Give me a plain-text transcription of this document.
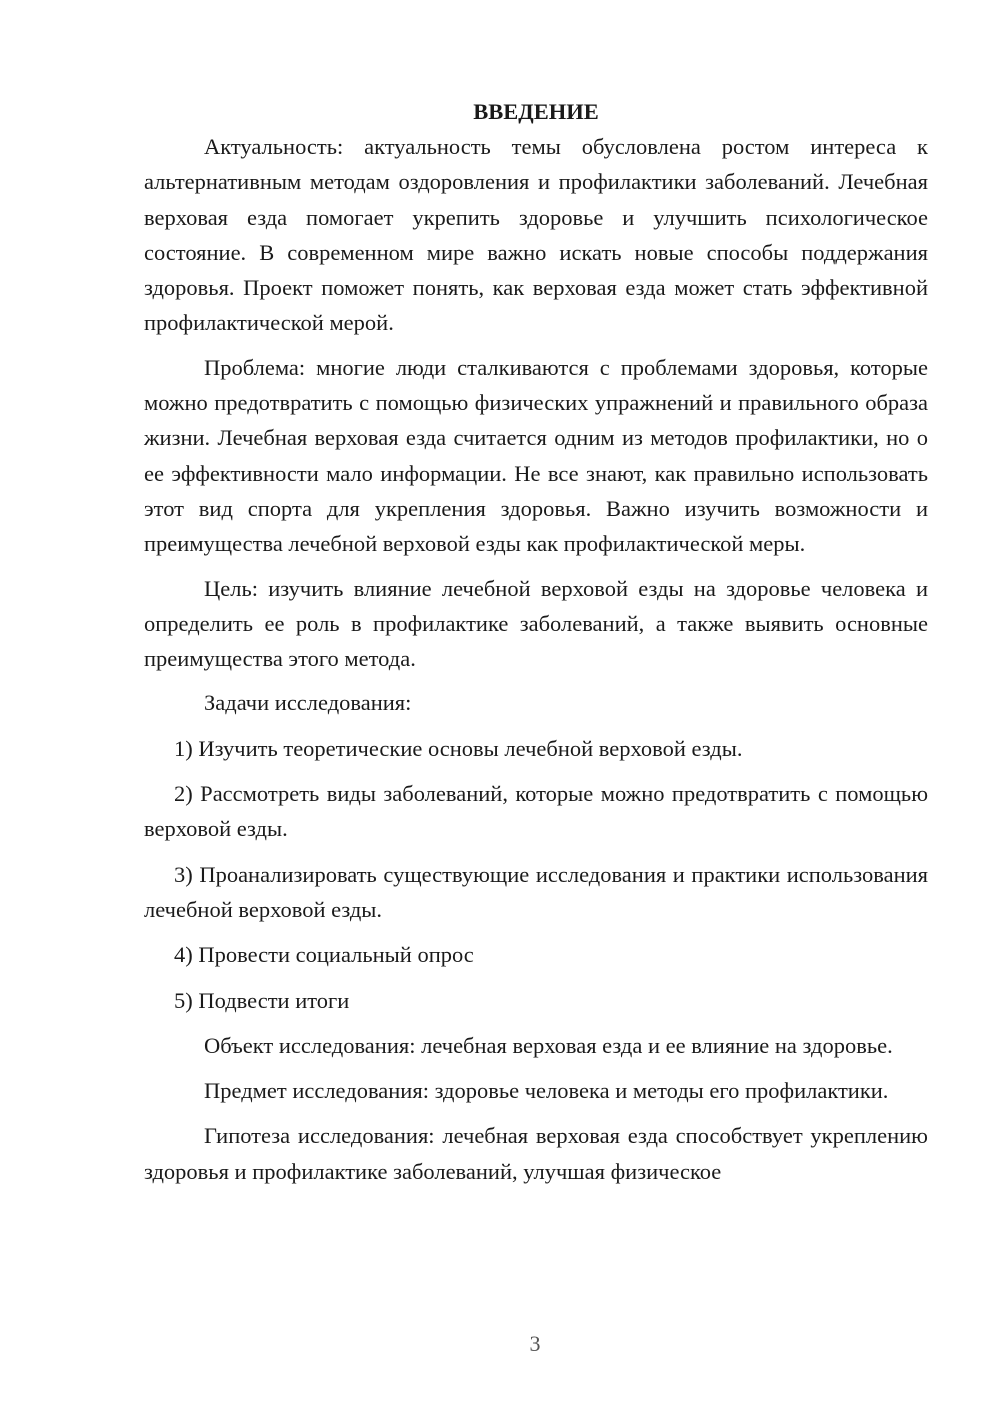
ВВЕДЕНИЕ

Актуальность: актуальность темы обусловлена ростом интереса к альтернативным методам оздоровления и профилактики заболеваний. Лечебная верховая езда помогает укрепить здоровье и улучшить психологическое состояние. В современном мире важно искать новые способы поддержания здоровья. Проект поможет понять, как верховая езда может стать эффективной профилактической мерой.

Проблема: многие люди сталкиваются с проблемами здоровья, которые можно предотвратить с помощью физических упражнений и правильного образа жизни. Лечебная верховая езда считается одним из методов профилактики, но о ее эффективности мало информации. Не все знают, как правильно использовать этот вид спорта для укрепления здоровья. Важно изучить возможности и преимущества лечебной верховой езды как профилактической меры.

Цель: изучить влияние лечебной верховой езды на здоровье человека и определить ее роль в профилактике заболеваний, а также выявить основные преимущества этого метода.

Задачи исследования:

1) Изучить теоретические основы лечебной верховой езды.

2) Рассмотреть виды заболеваний, которые можно предотвратить с помощью верховой езды.

3) Проанализировать существующие исследования и практики использования лечебной верховой езды.

4) Провести социальный опрос

5) Подвести итоги

Объект исследования: лечебная верховая езда и ее влияние на здоровье.

Предмет исследования: здоровье человека и методы его профилактики.

Гипотеза исследования: лечебная верховая езда способствует укреплению здоровья и профилактике заболеваний, улучшая физическое

3
